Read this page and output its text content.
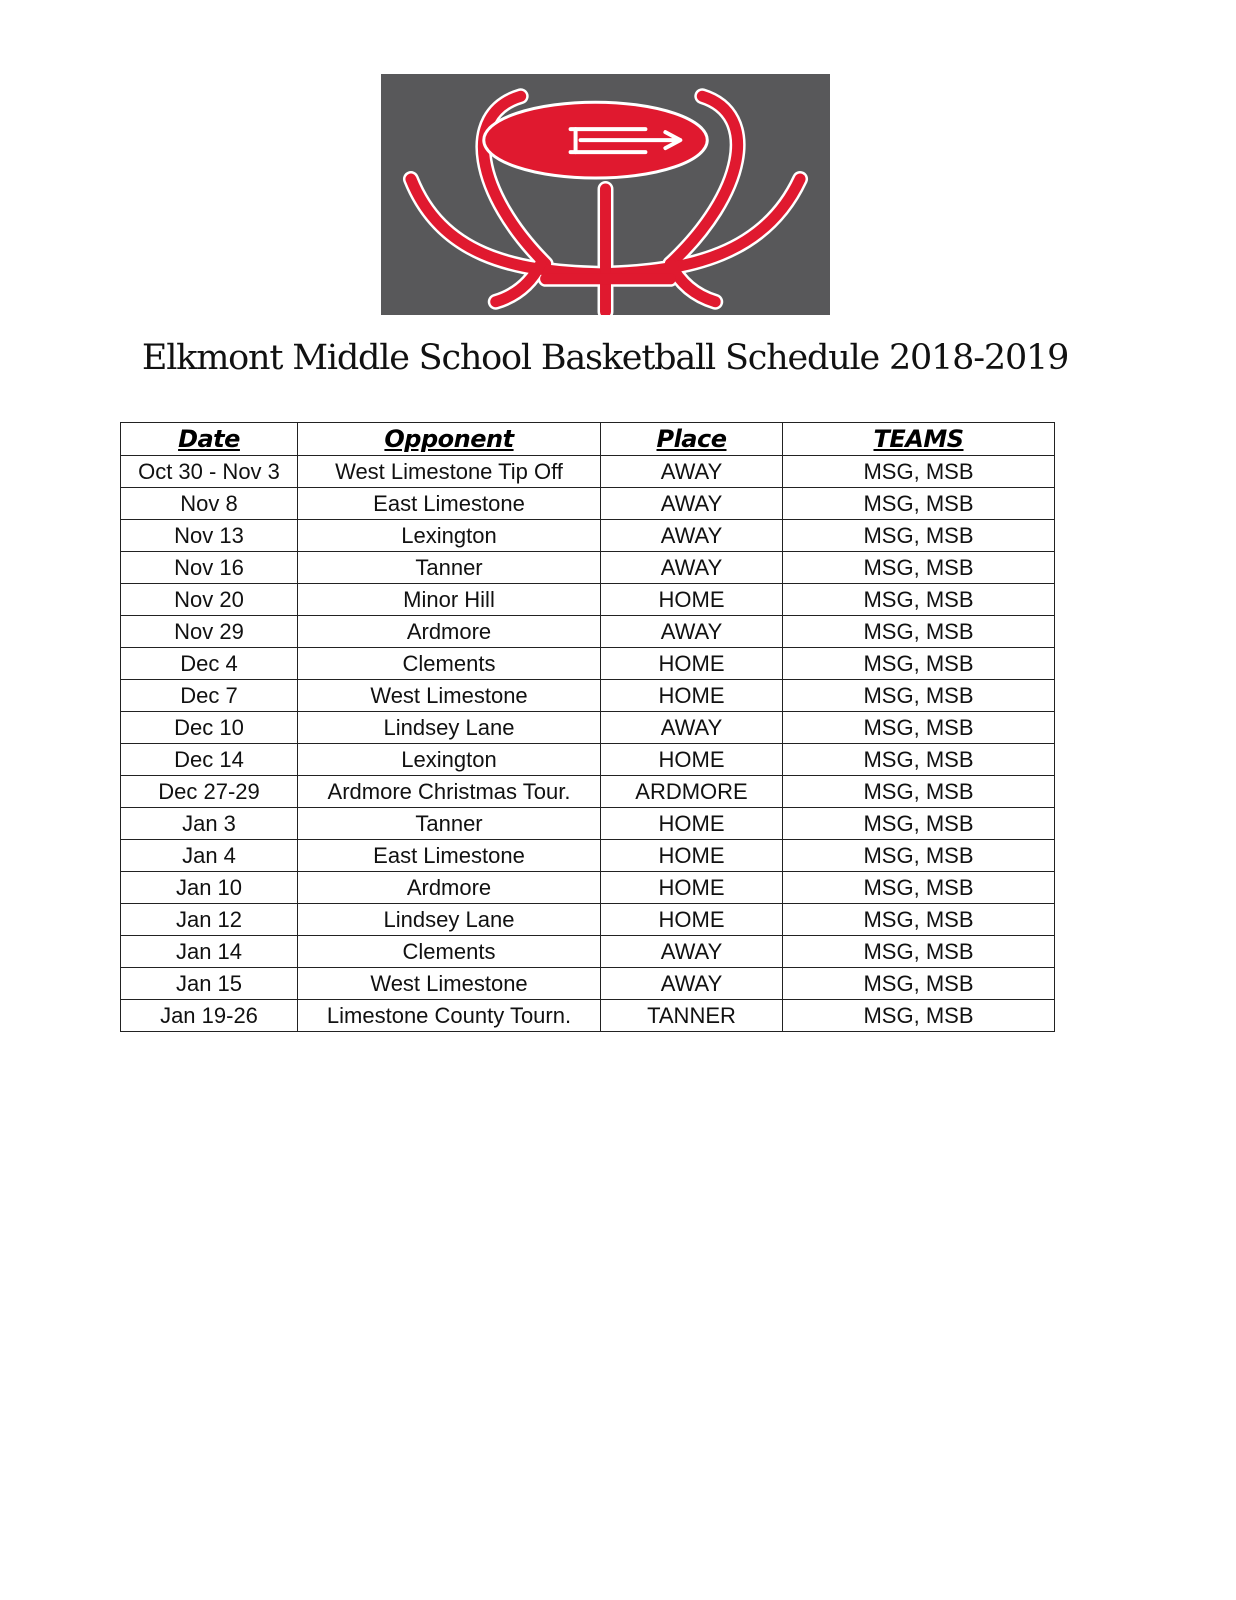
Elkmont Middle School Basketball Schedule 2018-2019
Date	Opponent	Place	TEAMS
Oct 30 - Nov 3	West Limestone Tip Off	AWAY	MSG, MSB
Nov 8	East Limestone	AWAY	MSG, MSB
Nov 13	Lexington	AWAY	MSG, MSB
Nov 16	Tanner	AWAY	MSG, MSB
Nov 20	Minor Hill	HOME	MSG, MSB
Nov 29	Ardmore	AWAY	MSG, MSB
Dec 4	Clements	HOME	MSG, MSB
Dec 7	West Limestone	HOME	MSG, MSB
Dec 10	Lindsey Lane	AWAY	MSG, MSB
Dec 14	Lexington	HOME	MSG, MSB
Dec 27-29	Ardmore Christmas Tour.	ARDMORE	MSG, MSB
Jan 3	Tanner	HOME	MSG, MSB
Jan 4	East Limestone	HOME	MSG, MSB
Jan 10	Ardmore	HOME	MSG, MSB
Jan 12	Lindsey Lane	HOME	MSG, MSB
Jan 14	Clements	AWAY	MSG, MSB
Jan 15	West Limestone	AWAY	MSG, MSB
Jan 19-26	Limestone County Tourn.	TANNER	MSG, MSB
